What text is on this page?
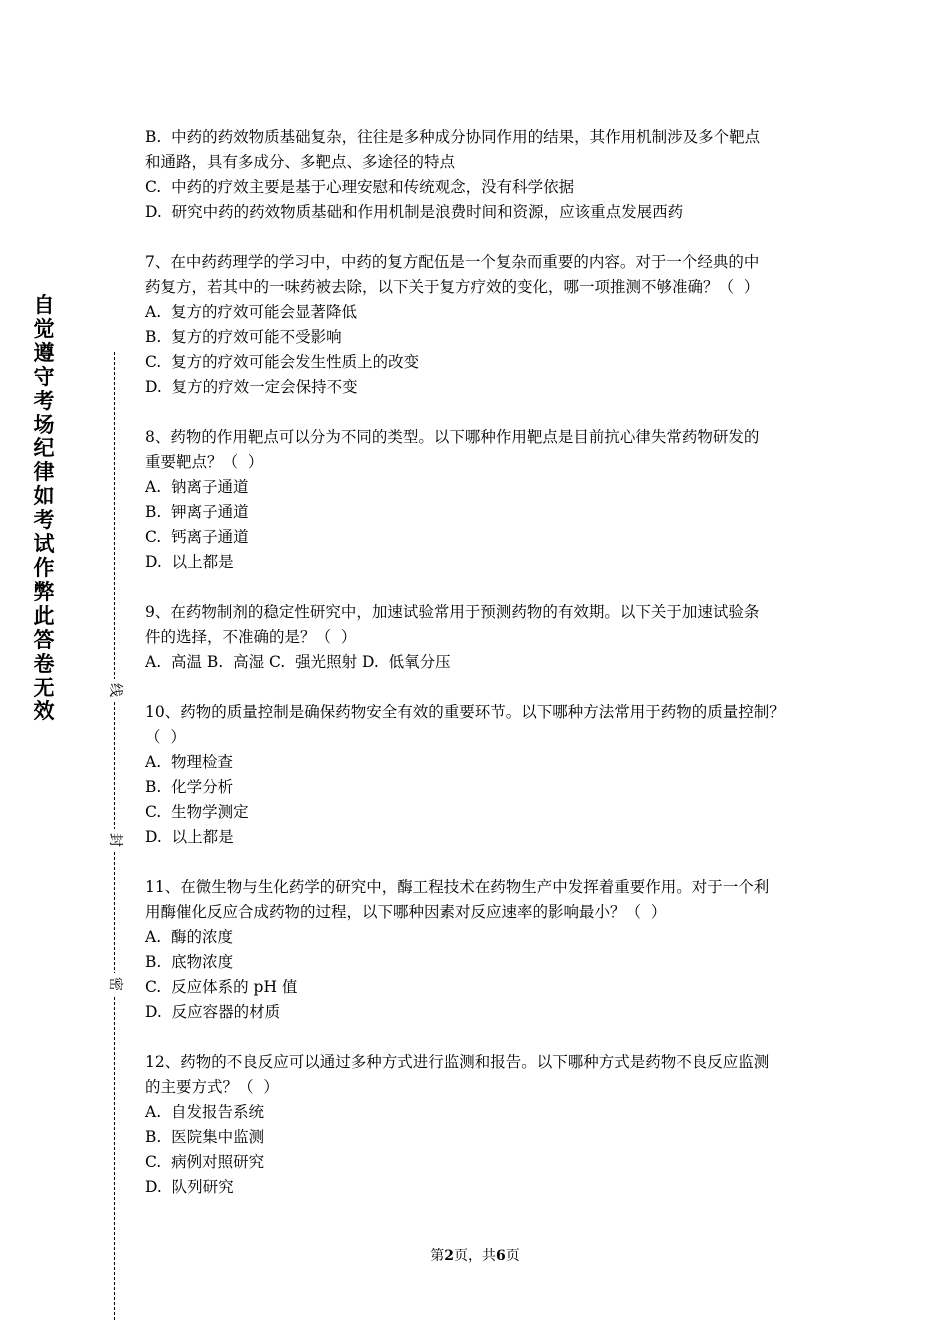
自觉遵守考场纪律如考试作弊此答卷无效
线
封
密
B.  中药的药效物质基础复杂，往往是多种成分协同作用的结果，其作用机制涉及多个靶点
和通路，具有多成分、多靶点、多途径的特点
C.  中药的疗效主要是基于心理安慰和传统观念，没有科学依据
D.  研究中药的药效物质基础和作用机制是浪费时间和资源，应该重点发展西药
7、在中药药理学的学习中，中药的复方配伍是一个复杂而重要的内容。对于一个经典的中
药复方，若其中的一味药被去除，以下关于复方疗效的变化，哪一项推测不够准确？（  ）
A.  复方的疗效可能会显著降低
B.  复方的疗效可能不受影响
C.  复方的疗效可能会发生性质上的改变
D.  复方的疗效一定会保持不变
8、药物的作用靶点可以分为不同的类型。以下哪种作用靶点是目前抗心律失常药物研发的
重要靶点？（  ）
A.  钠离子通道
B.  钾离子通道
C.  钙离子通道
D.  以上都是
9、在药物制剂的稳定性研究中，加速试验常用于预测药物的有效期。以下关于加速试验条
件的选择，不准确的是？（  ）
A.  高温 B.  高湿 C.  强光照射 D.  低氧分压
10、药物的质量控制是确保药物安全有效的重要环节。以下哪种方法常用于药物的质量控制？
（  ）
A.  物理检查
B.  化学分析
C.  生物学测定
D.  以上都是
11、在微生物与生化药学的研究中，酶工程技术在药物生产中发挥着重要作用。对于一个利
用酶催化反应合成药物的过程，以下哪种因素对反应速率的影响最小？（  ）
A.  酶的浓度
B.  底物浓度
C.  反应体系的 pH 值
D.  反应容器的材质
12、药物的不良反应可以通过多种方式进行监测和报告。以下哪种方式是药物不良反应监测
的主要方式？（  ）
A.  自发报告系统
B.  医院集中监测
C.  病例对照研究
D.  队列研究
第2页，共6页
